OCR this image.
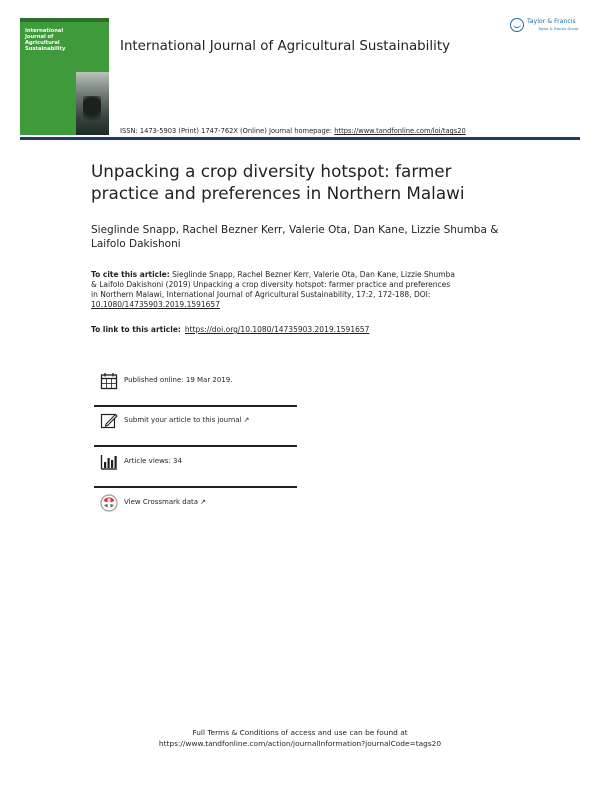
International
Journal of
Agricultural
Sustainability	International Journal of Agricultural Sustainability
Taylor & Francis
Taylor & Francis Group
ISSN: 1473-5903 (Print) 1747-762X (Online) Journal homepage: https://www.tandfonline.com/loi/tags20
Unpacking a crop diversity hotspot: farmer
practice and preferences in Northern Malawi
Sieglinde Snapp, Rachel Bezner Kerr, Valerie Ota, Dan Kane, Lizzie Shumba &
Laifolo Dakishoni
To cite this article: Sieglinde Snapp, Rachel Bezner Kerr, Valerie Ota, Dan Kane, Lizzie Shumba
& Laifolo Dakishoni (2019) Unpacking a crop diversity hotspot: farmer practice and preferences
in Northern Malawi, International Journal of Agricultural Sustainability, 17:2, 172-188, DOI:
10.1080/14735903.2019.1591657
To link to this article: https://doi.org/10.1080/14735903.2019.1591657
Published online: 19 Mar 2019.
Submit your article to this journal ↗
Article views: 34
View Crossmark data ↗
Full Terms & Conditions of access and use can be found at
https://www.tandfonline.com/action/journalInformation?journalCode=tags20
